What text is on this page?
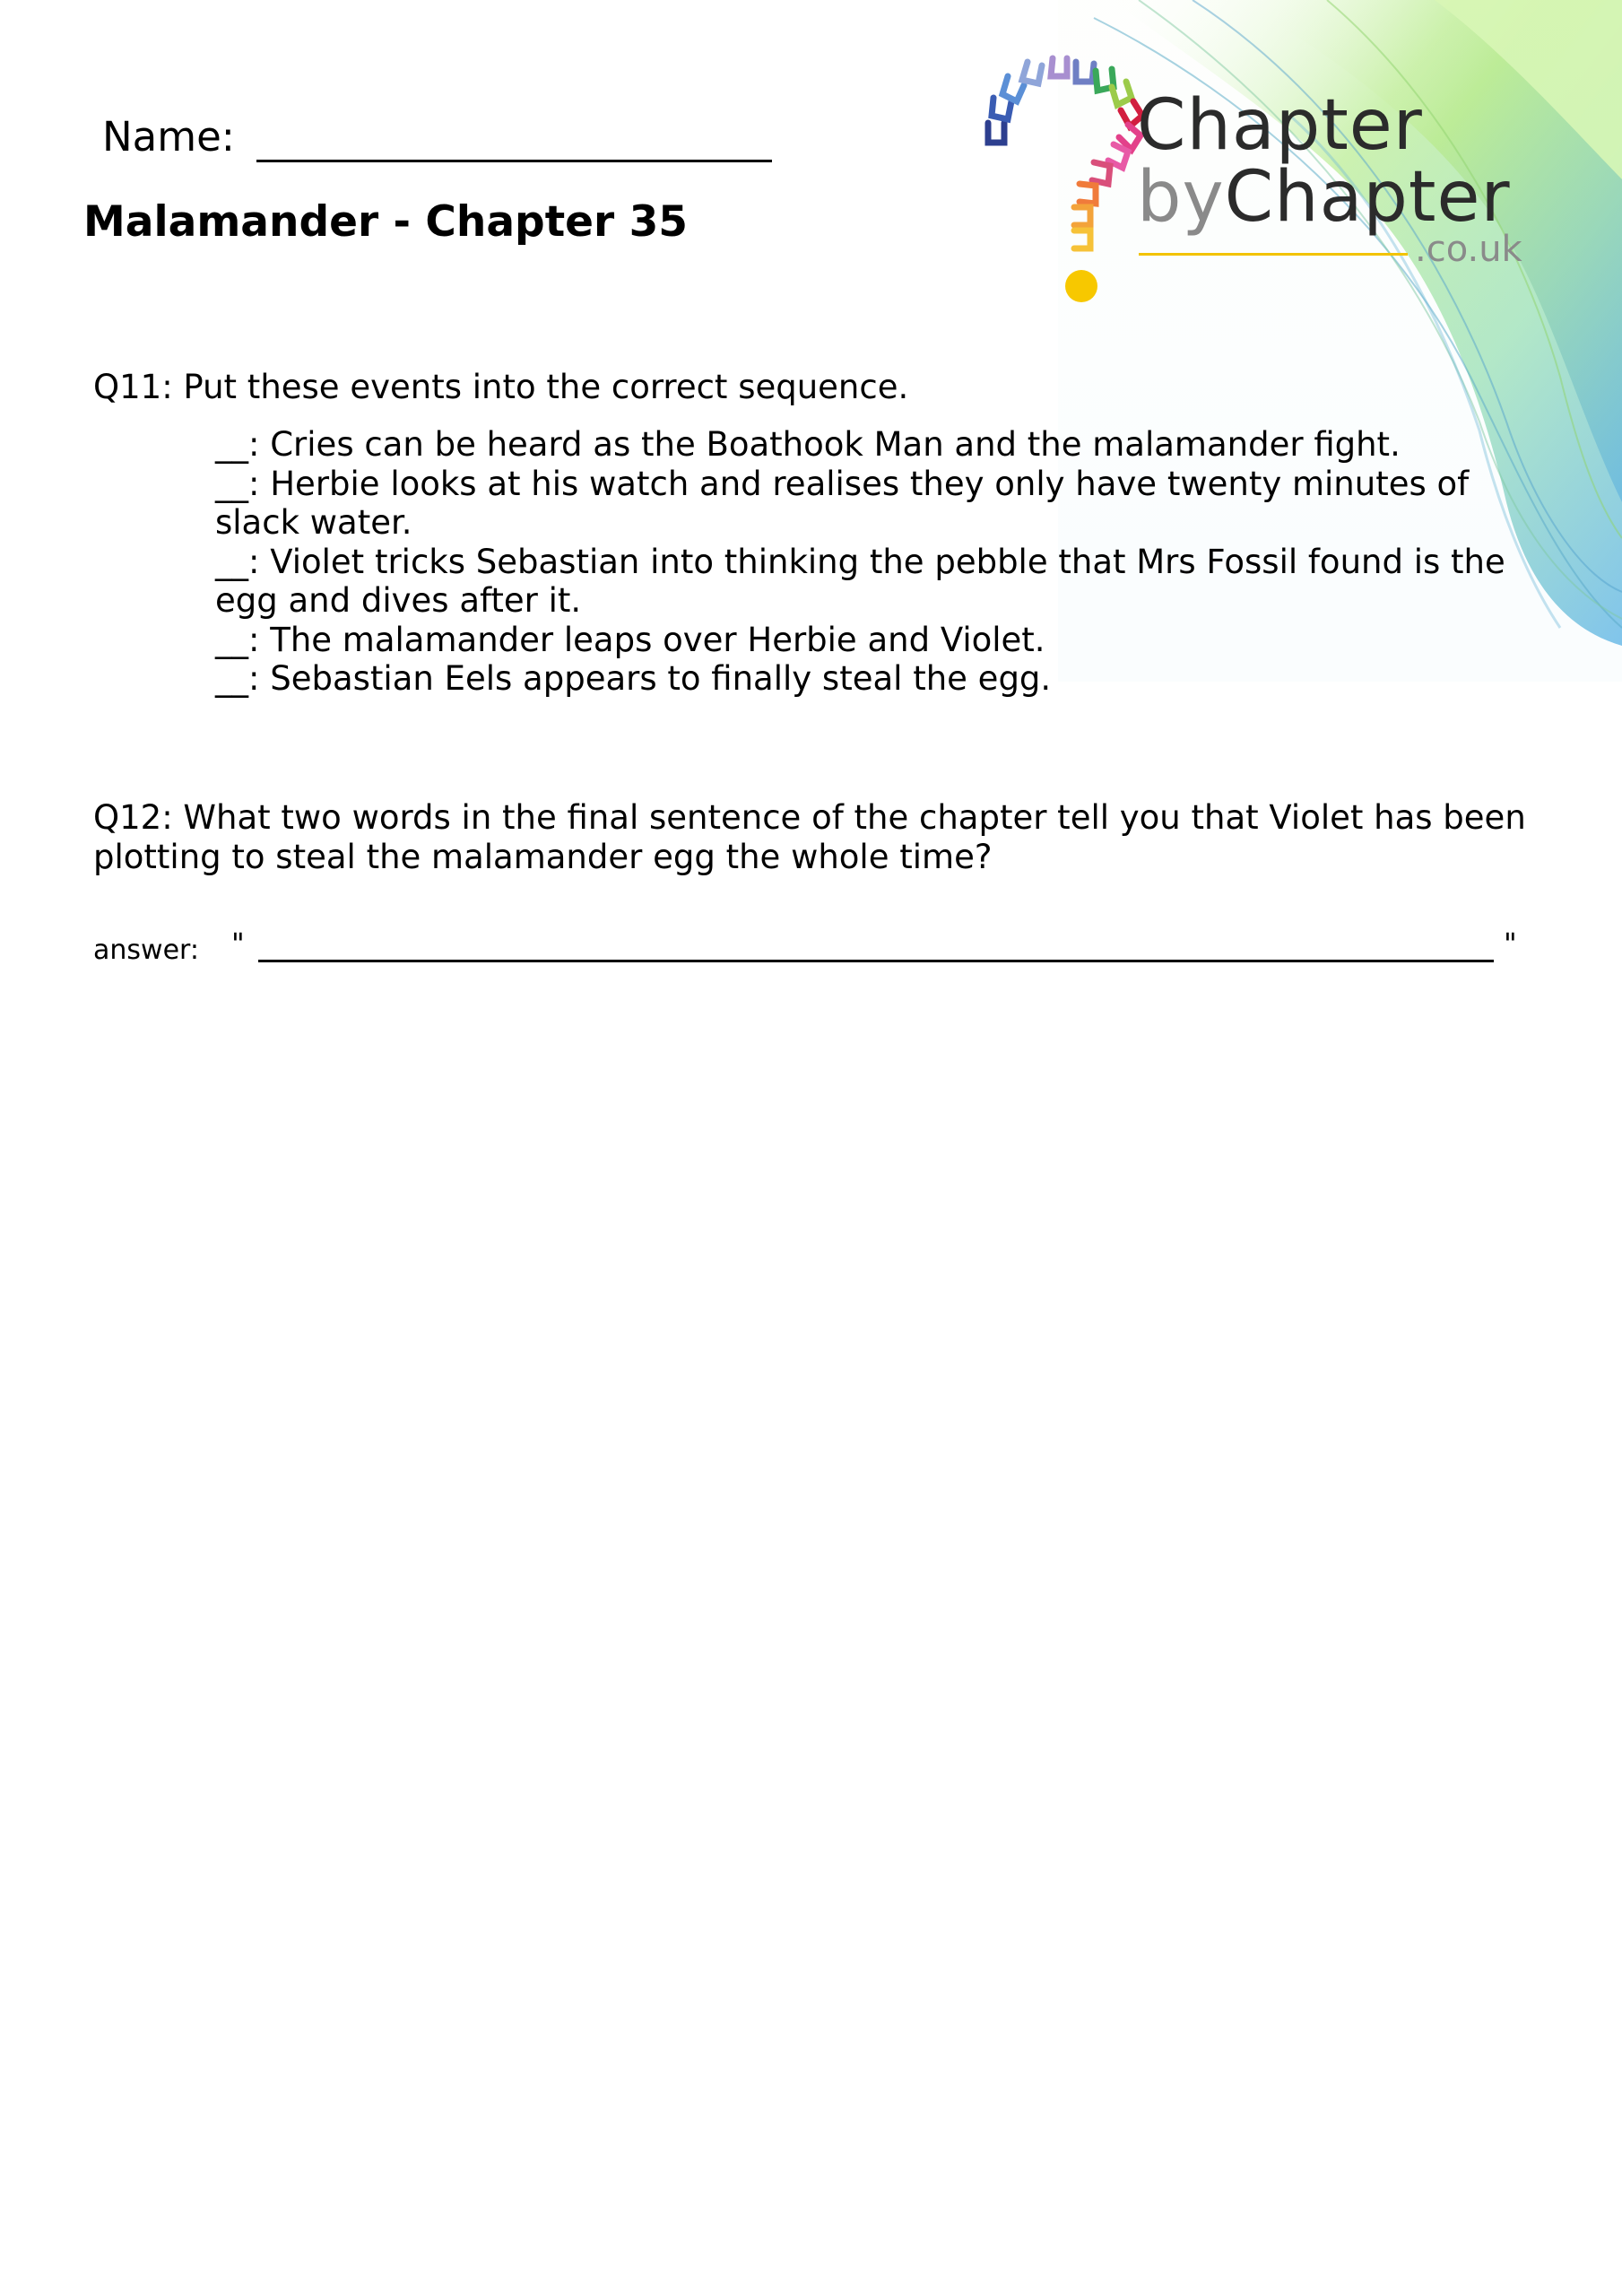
Name:
Malamander - Chapter 35
Chapter
byChapter
.co.uk
Q11: Put these events into the correct sequence.
__: Cries can be heard as the Boathook Man and the malamander fight.
__: Herbie looks at his watch and realises they only have twenty minutes of slack water.
__: Violet tricks Sebastian into thinking the pebble that Mrs Fossil found is the egg and dives after it.
__: The malamander leaps over Herbie and Violet.
__: Sebastian Eels appears to finally steal the egg.
Q12: What two words in the final sentence of the chapter tell you that Violet has been plotting to steal the malamander egg the whole time?
answer: "	"
